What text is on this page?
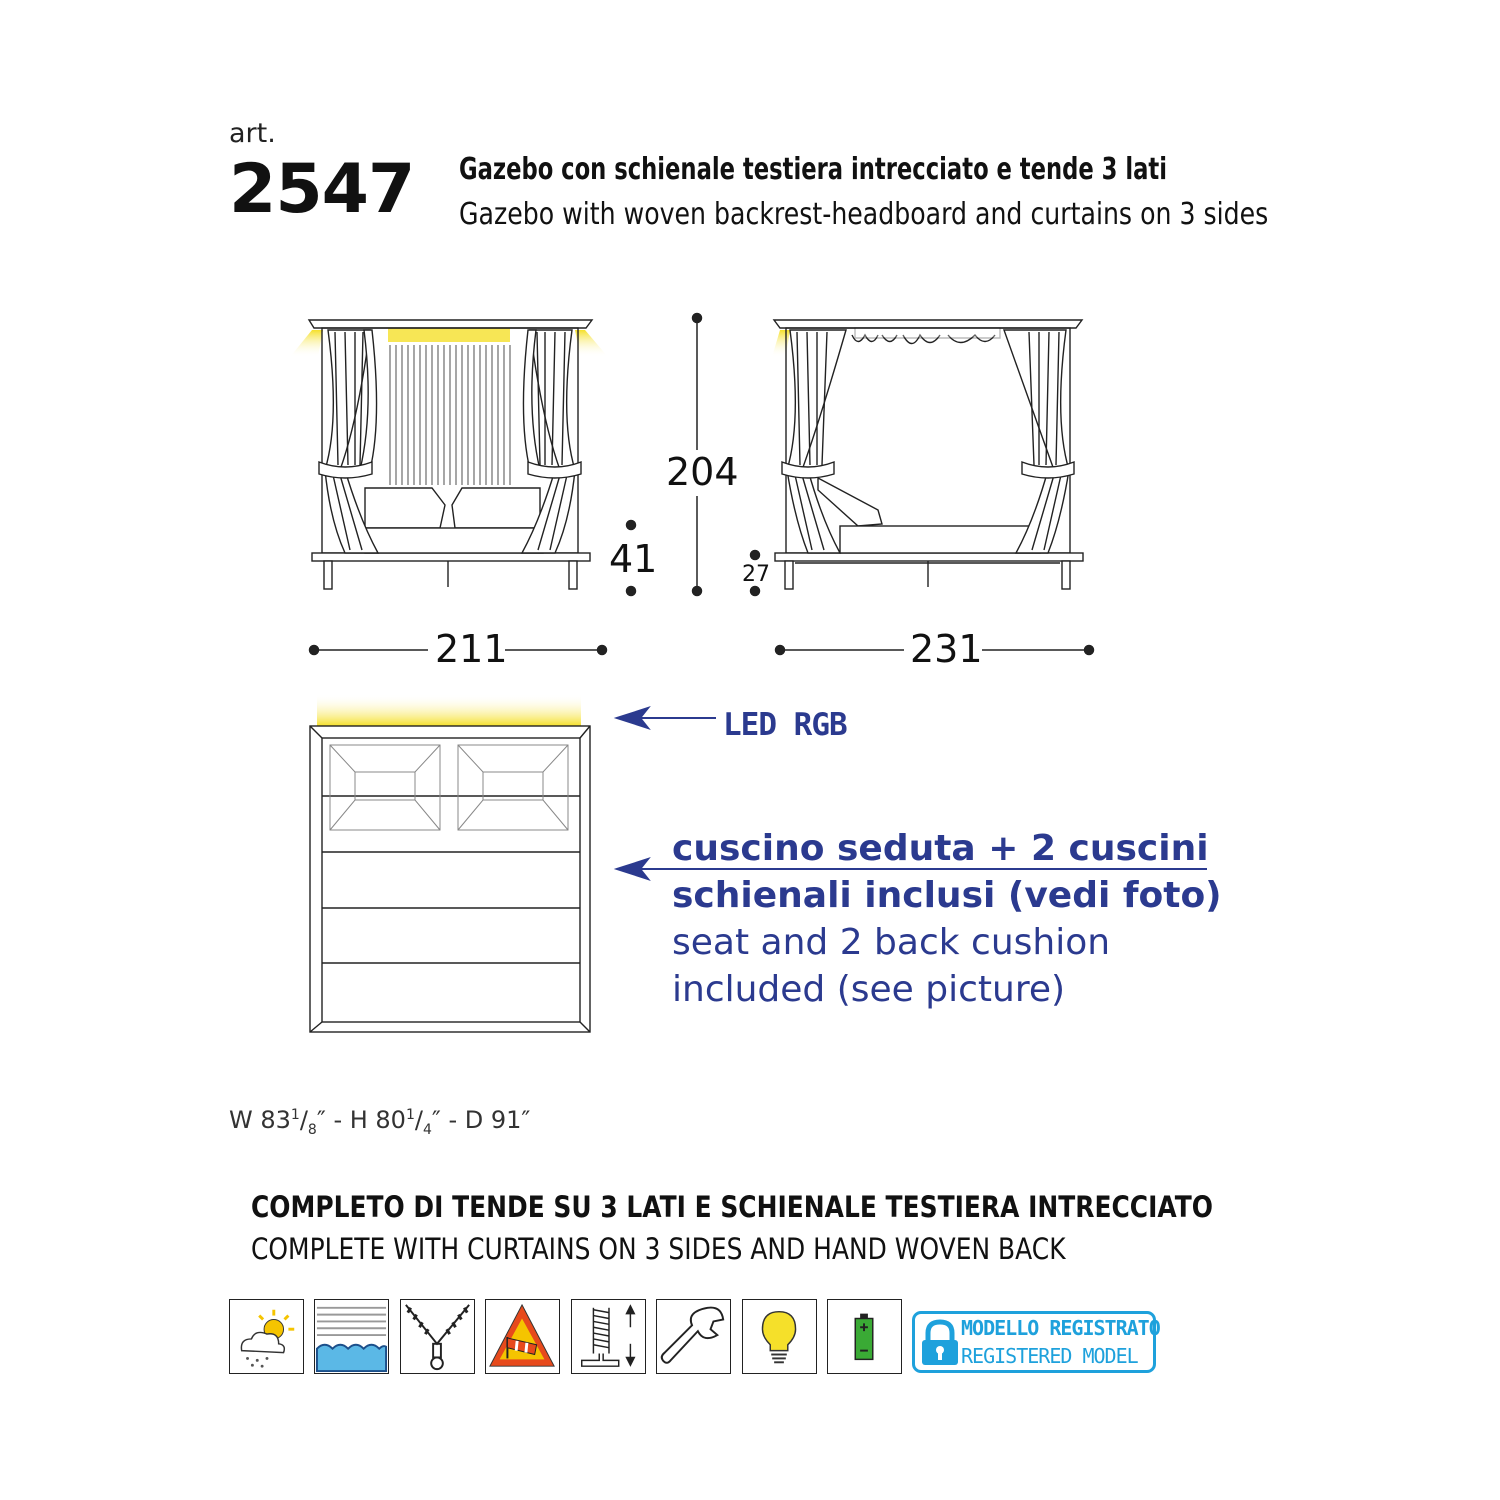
art.
2547 Gazebo con schienale testiera intrecciato e tende 3 lati
Gazebo with woven backrest-headboard and curtains on 3 sides
204
41	27
211	231
LED RGB
cuscino seduta + 2 cuscini
schienali inclusi (vedi foto)
seat and 2 back cushion
included (see picture)
W $83^1/_8''$ - H $80^1/_4''$ - D 91″
COMPLETO DI TENDE SU 3 LATI E SCHIENALE TESTIERA INTRECCIATO
COMPLETE WITH CURTAINS ON 3 SIDES AND HAND WOVEN BACK
MODELLO REGISTRATO
REGISTERED MODEL
